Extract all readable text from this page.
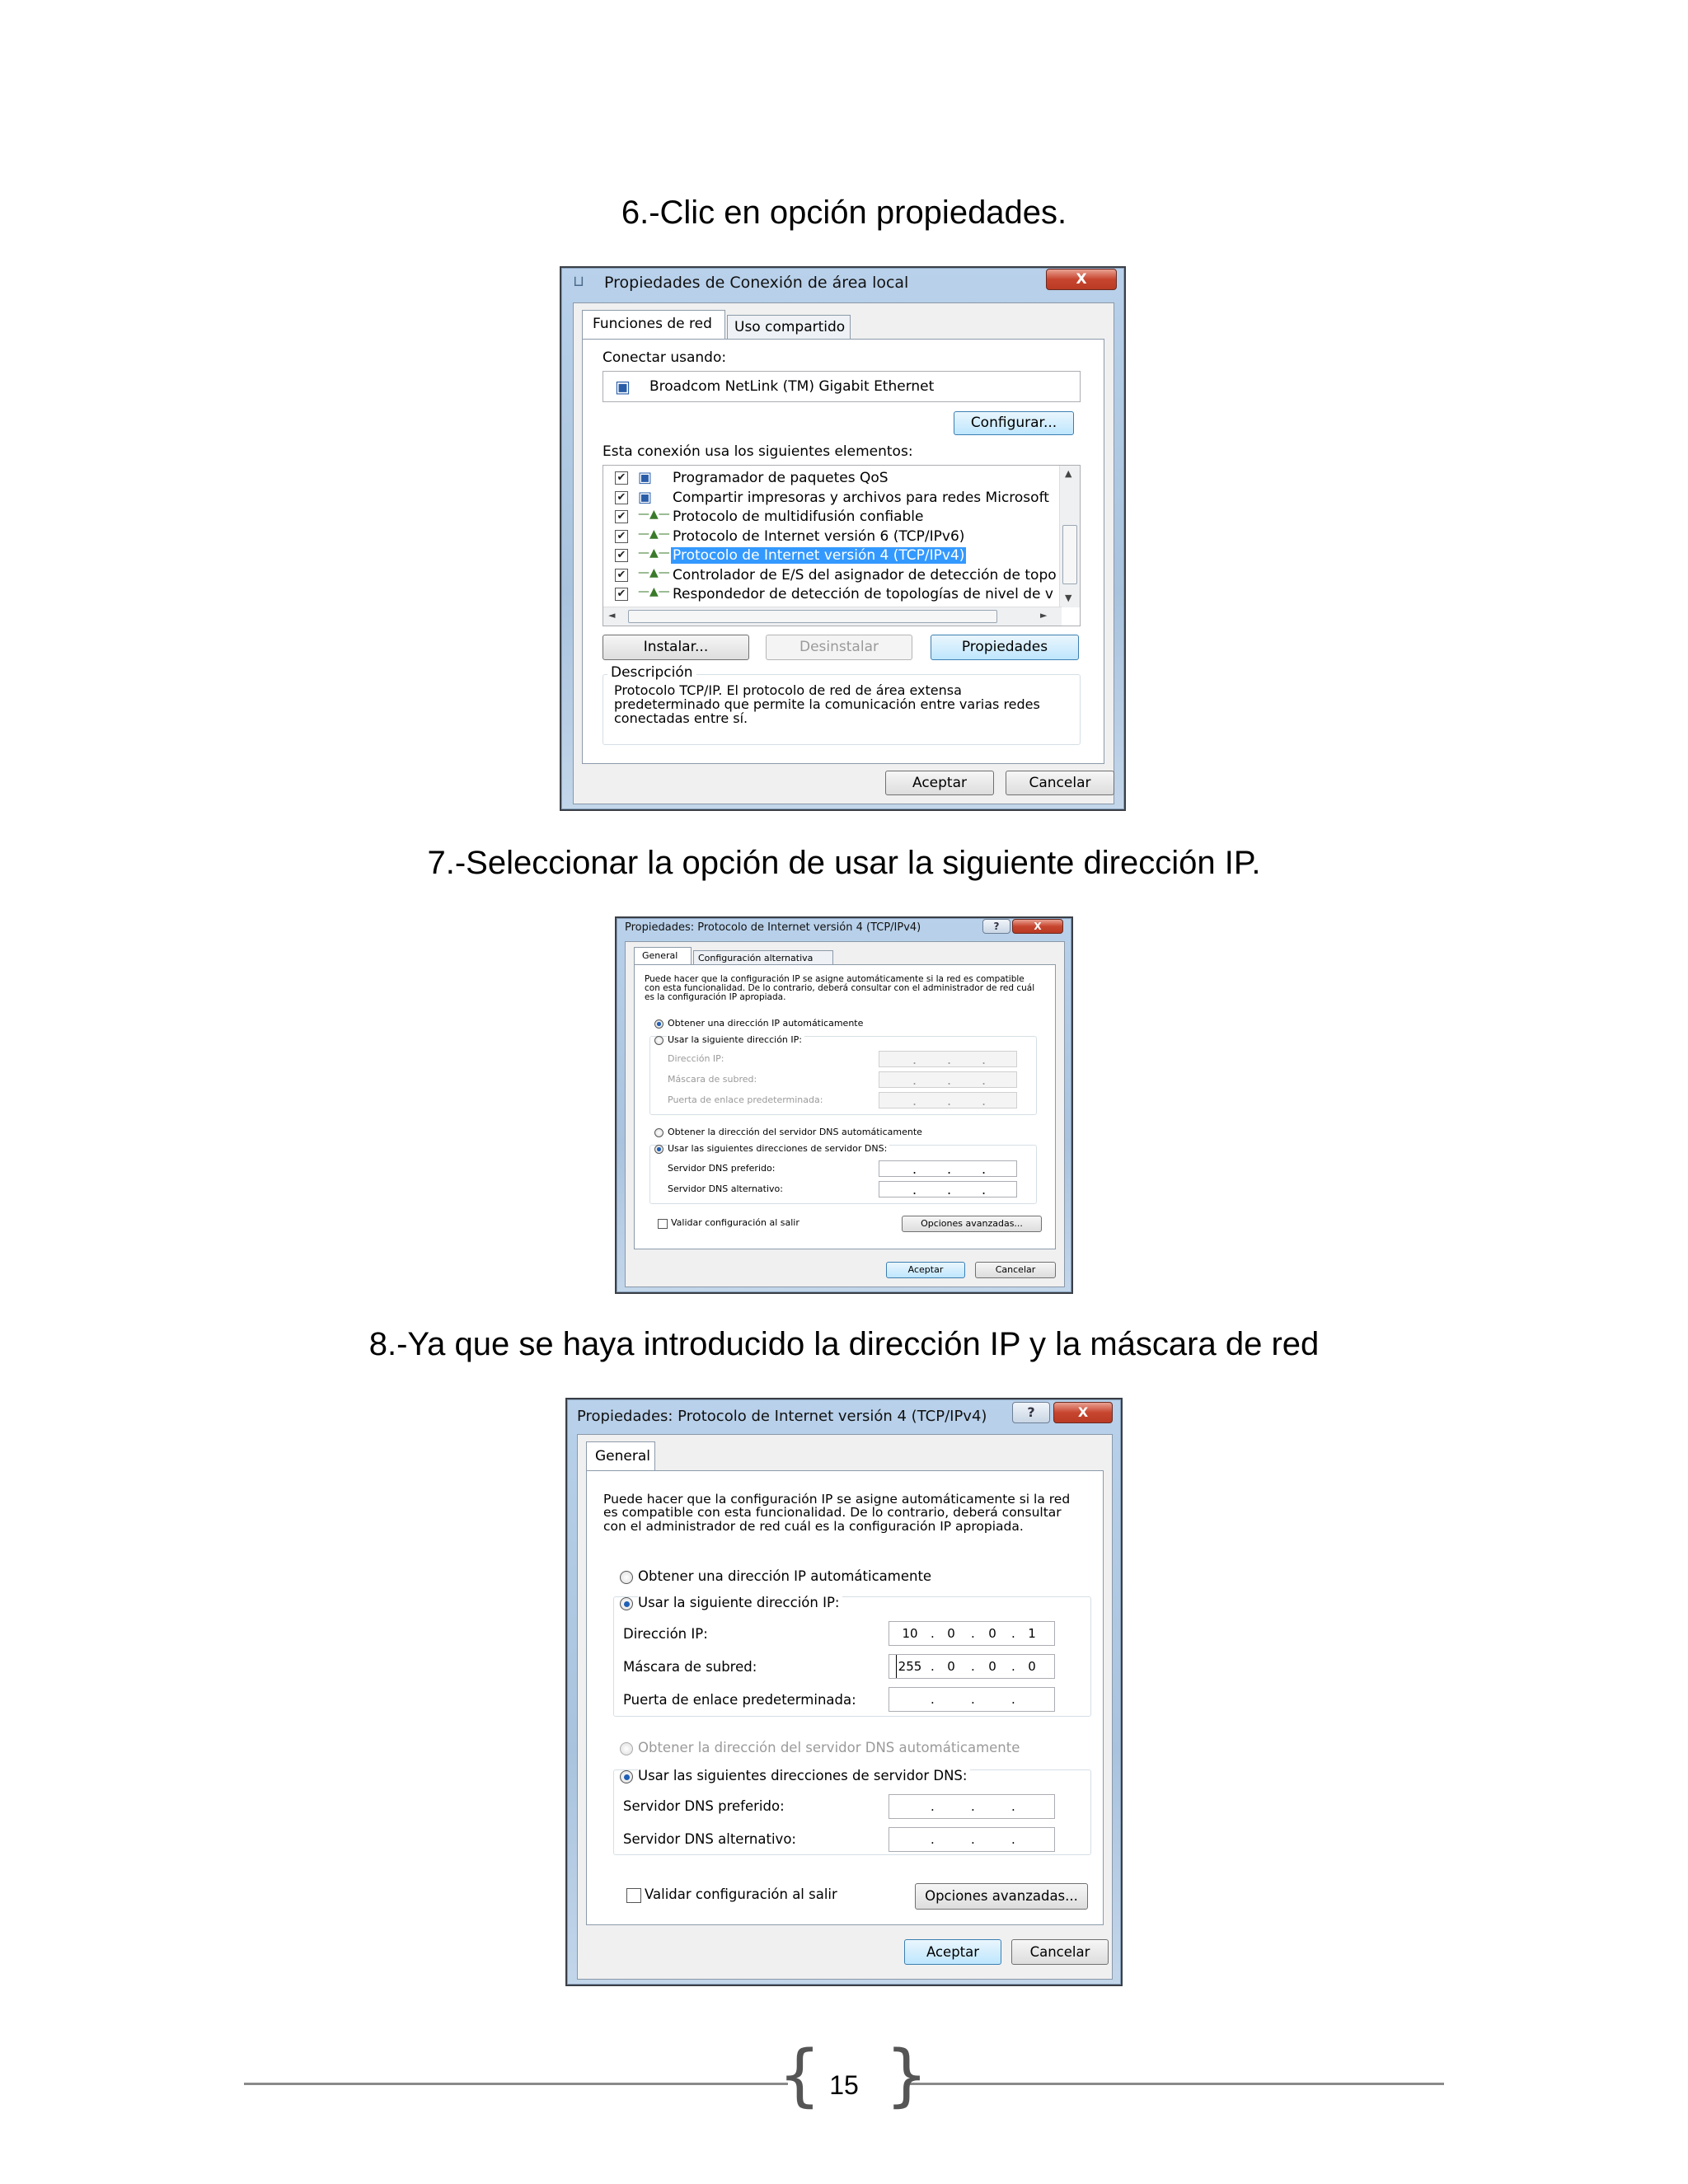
6.-Clic en opción propiedades.
7.-Seleccionar la opción de usar la siguiente dirección IP.
8.-Ya que se haya introducido la dirección IP y la máscara de red
⊔ Propiedades de Conexión de área local	X
Funciones de red	Uso compartido
Conectar usando:
▣ Broadcom NetLink (TM) Gigabit Ethernet
Configurar...
Esta conexión usa los siguientes elementos:
✔ ▣ Programador de paquetes QoS
✔ ▣ Compartir impresoras y archivos para redes Microsoft
✔ —▲— Protocolo de multidifusión confiable
✔ —▲— Protocolo de Internet versión 6 (TCP/IPv6)
✔ —▲— Protocolo de Internet versión 4 (TCP/IPv4)
✔ —▲— Controlador de E/S del asignador de detección de topo
✔ —▲— Respondedor de detección de topologías de nivel de v
▲
▼
◄	►
Instalar...	Desinstalar	Propiedades
Descripción
Protocolo TCP/IP. El protocolo de red de área extensa predeterminado que permite la comunicación entre varias redes conectadas entre sí.
Aceptar	Cancelar
Propiedades: Protocolo de Internet versión 4 (TCP/IPv4)	?	X
General	Configuración alternativa
Puede hacer que la configuración IP se asigne automáticamente si la red es compatible con esta funcionalidad. De lo contrario, deberá consultar con el administrador de red cuál es la configuración IP apropiada.
Obtener una dirección IP automáticamente
Usar la siguiente dirección IP:
Dirección IP:	. . .
Máscara de subred:	. . .
Puerta de enlace predeterminada:	. . .
Obtener la dirección del servidor DNS automáticamente
Usar las siguientes direcciones de servidor DNS:
Servidor DNS preferido:	. . .
Servidor DNS alternativo:	. . .
Validar configuración al salir	Opciones avanzadas...
Aceptar	Cancelar
Propiedades: Protocolo de Internet versión 4 (TCP/IPv4)	?	X
General
Puede hacer que la configuración IP se asigne automáticamente si la red es compatible con esta funcionalidad. De lo contrario, deberá consultar con el administrador de red cuál es la configuración IP apropiada.
Obtener una dirección IP automáticamente
Usar la siguiente dirección IP:
Dirección IP:	10	.	0	.	0	.	1
Máscara de subred:	255 .	0	.	0	.	0
Puerta de enlace predeterminada:	.	.	.
Obtener la dirección del servidor DNS automáticamente
Usar las siguientes direcciones de servidor DNS:
Servidor DNS preferido:	.	.	.
Servidor DNS alternativo:	.	.	.
Validar configuración al salir	Opciones avanzadas...
Aceptar	Cancelar
{ }
15
